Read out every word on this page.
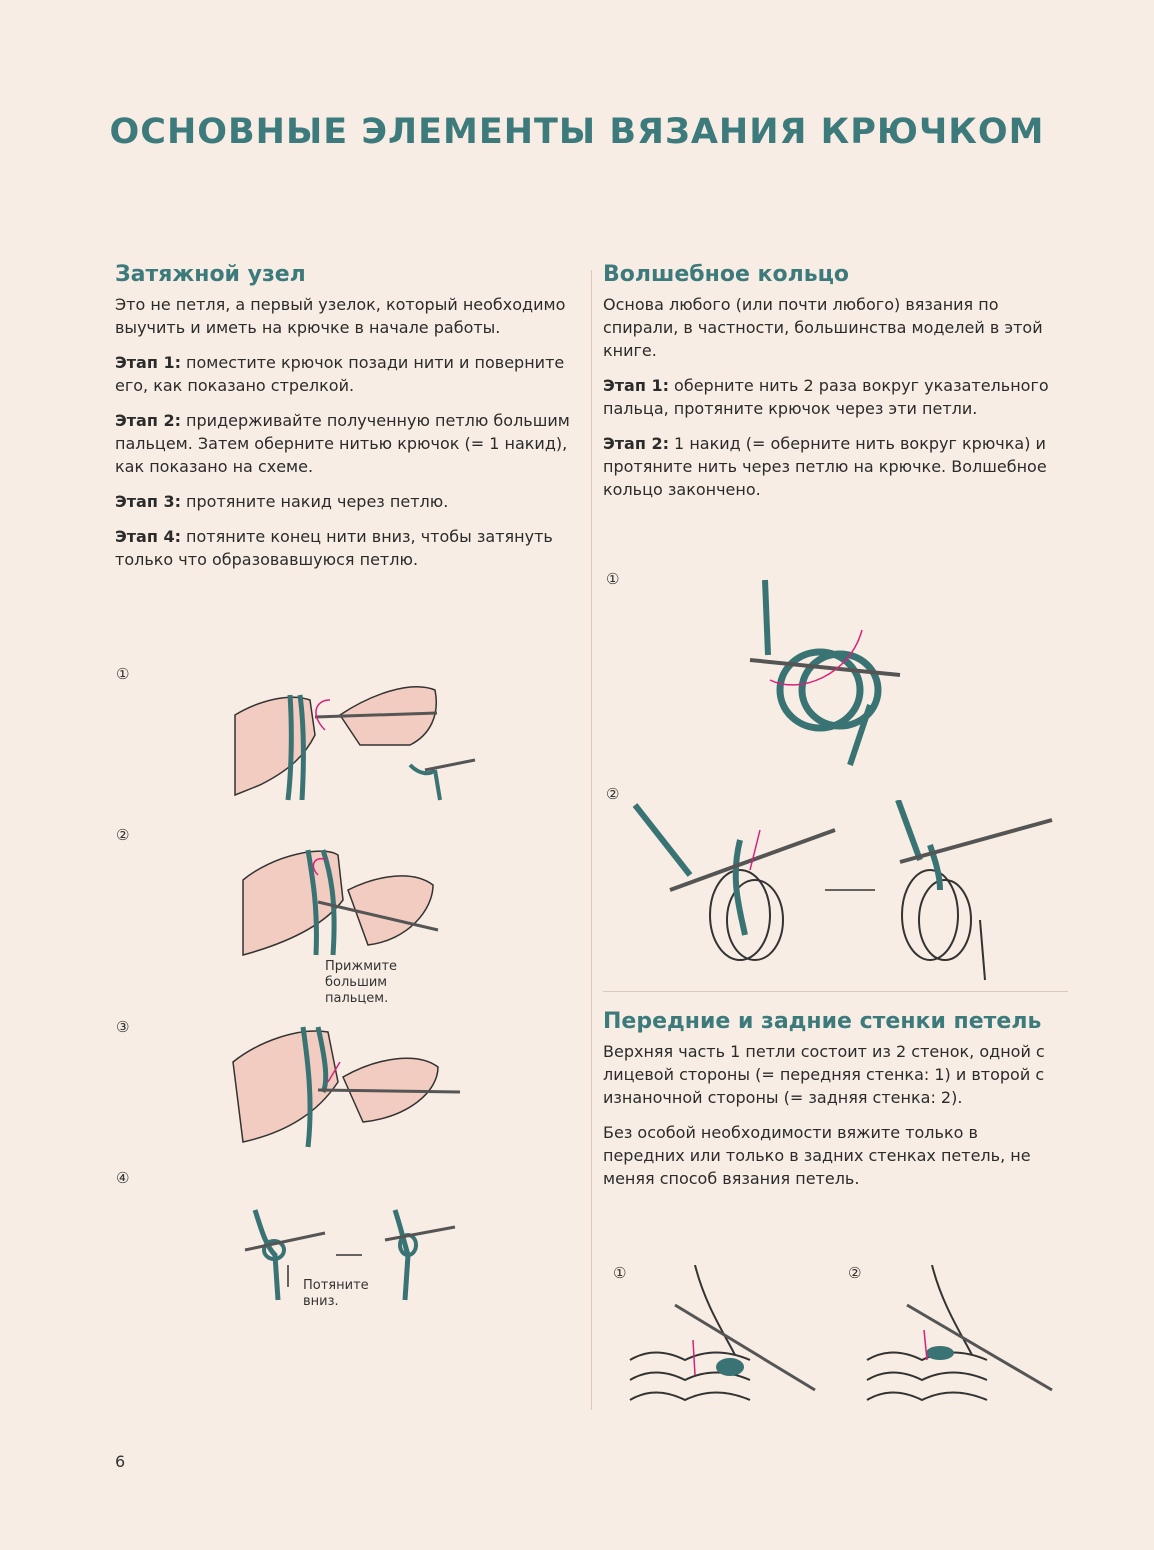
ОСНОВНЫЕ ЭЛЕМЕНТЫ ВЯЗАНИЯ КРЮЧКОМ
Затяжной узел

Это не петля, а первый узелок, который необходимо выучить и иметь на крючке в начале работы.

Этап 1: поместите крючок позади нити и поверните его, как показано стрелкой.

Этап 2: придерживайте полученную петлю большим пальцем. Затем оберните нитью крючок (= 1 накид), как показано на схеме.

Этап 3: протяните накид через петлю.

Этап 4: потяните конец нити вниз, чтобы затянуть только что образовавшуюся петлю.

Волшебное кольцо

Основа любого (или почти любого) вязания по спирали, в частности, большинства моделей в этой книге.

Этап 1: оберните нить 2 раза вокруг указательного пальца, протяните крючок через эти петли.

Этап 2: 1 накид (= оберните нить вокруг крючка) и протяните нить через петлю на крючке. Волшебное кольцо закончено.

Передние и задние стенки петель

Верхняя часть 1 петли состоит из 2 стенок, одной с лицевой стороны (= передняя стенка: 1) и второй с изнаночной стороны (= задняя стенка: 2).

Без особой необходимости вяжите только в передних или только в задних стенках петель, не меняя способ вязания петель.

①
②
③
④
Прижмите большим пальцем.
Потяните вниз.
①
②
①	②
6
